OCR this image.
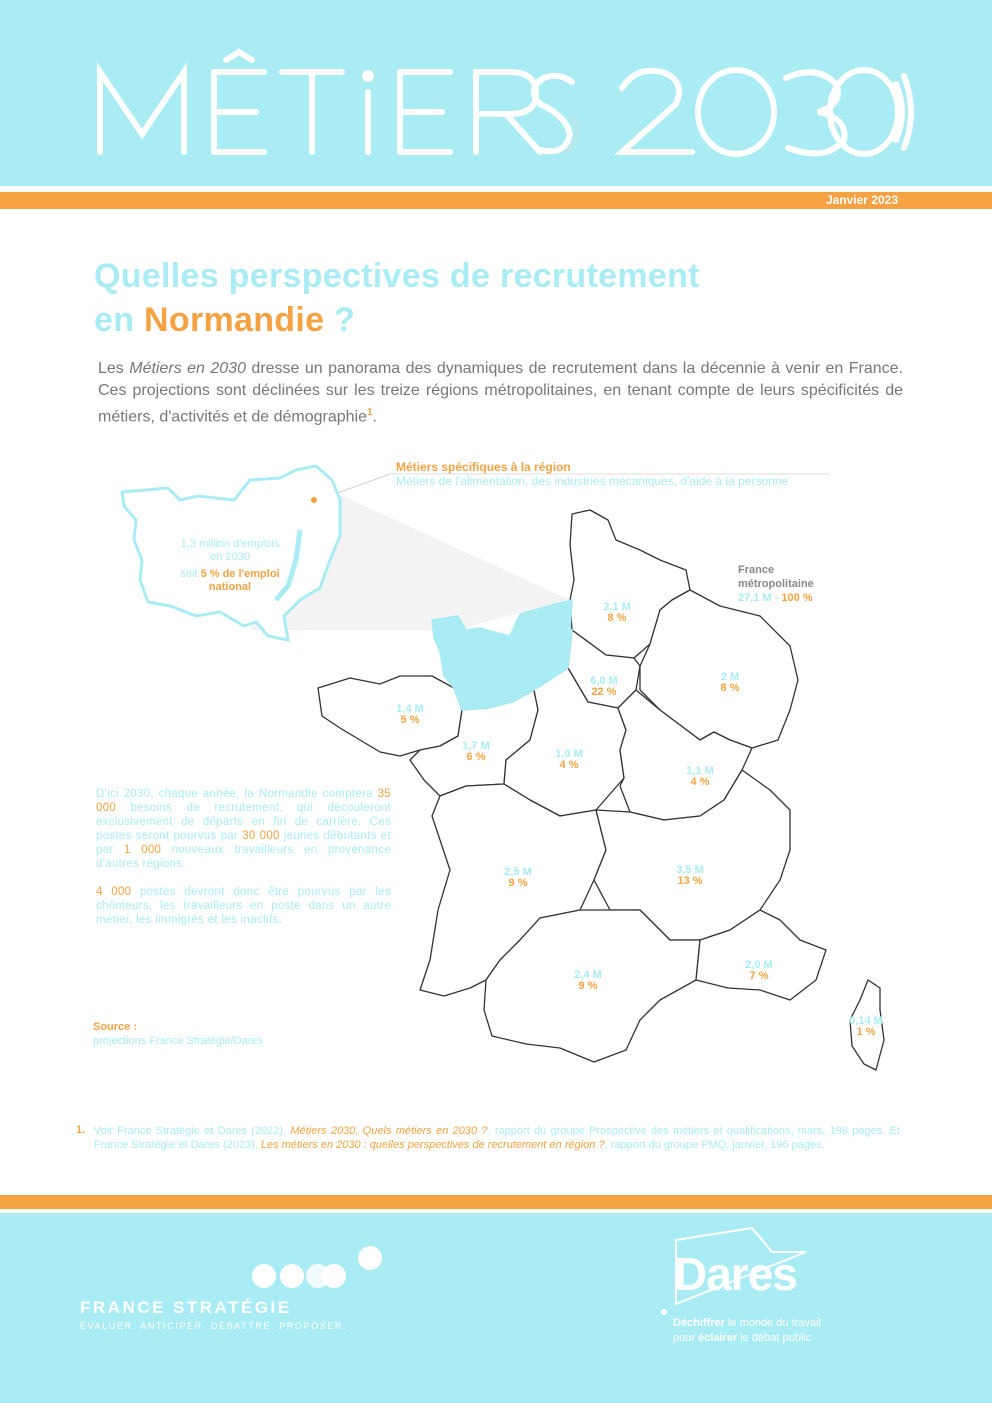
Janvier 2023
Quelles perspectives de recrutement
en Normandie ?
Les Métiers en 2030 dresse un panorama des dynamiques de recrutement dans la décennie à venir en France. Ces projections sont déclinées sur les treize régions métropolitaines, en tenant compte de leurs spécificités de métiers, d'activités et de démographie$^1$.
1,3 million d'emplois
en 2030
soit 5 % de l'emploi
national
Métiers spécifiques à la région
Métiers de l'alimentation, des industries mécaniques, d'aide à la personne
France
métropolitaine
27,1 M - 100 %
2,1 M
8 %
6,0 M
22 %
2 M
8 %
1,4 M
5 %
1,7 M
6 %	1,0 M
4 %	1,1 M
4 %
2,5 M
9 %
3,5 M
13 %
2,4 M
9 %
2,0 M
7 %
0,14 M
1 %

D'ici 2030, chaque année, la Normandie comptera 35 000 besoins de recrutement, qui découleront exclusivement de départs en fin de carrière. Ces postes seront pourvus par 30 000 jeunes débutants et par 1 000 nouveaux travailleurs en provenance d'autres régions.

4 000 postes devront donc être pourvus par les chômeurs, les travailleurs en poste dans un autre métier, les immigrés et les inactifs.

Source :
projections France Stratégie/Dares
1. Voir France Stratégie et Dares (2022), Métiers 2030. Quels métiers en 2030 ?, rapport du groupe Prospective des métiers et qualifications, mars, 198 pages. Et France Stratégie et Dares (2023), Les métiers en 2030 : quelles perspectives de recrutement en région ?, rapport du groupe PMQ, janvier, 196 pages.
FRANCE STRATÉGIE
ÉVALUER. ANTICIPER. DÉBATTRE. PROPOSER.
Dares
Déchiffrer le monde du travail
pour éclairer le débat public
